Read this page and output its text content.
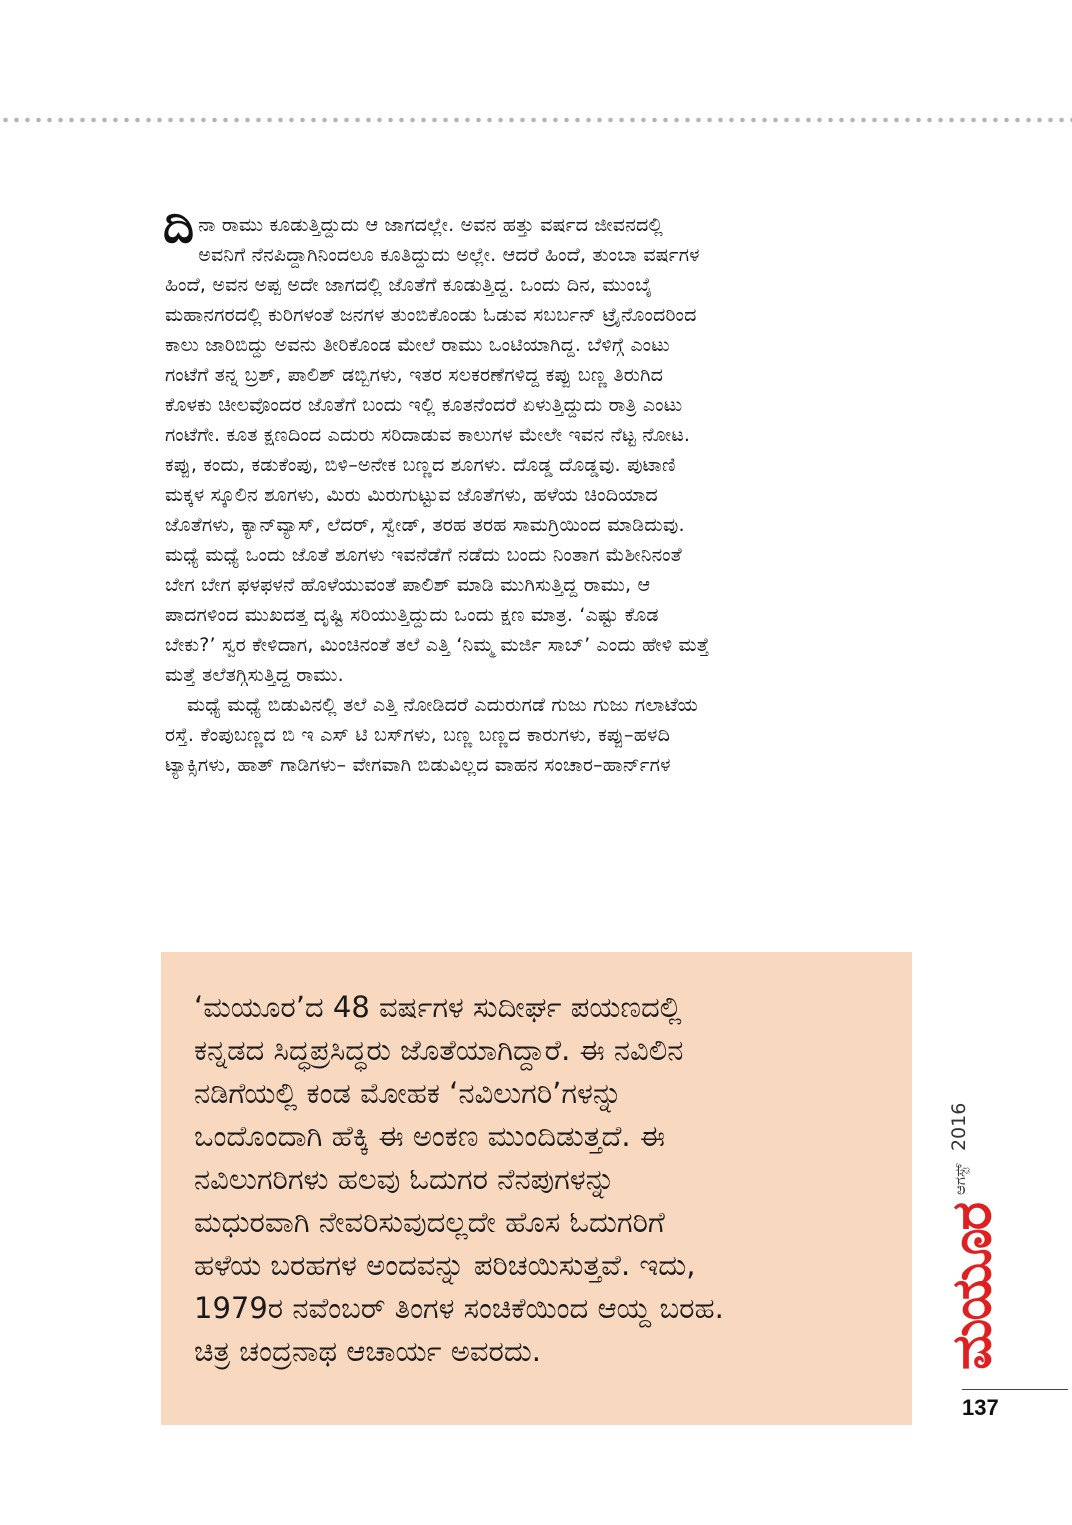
ದಿ ನಾ ರಾಮು ಕೂಡುತ್ತಿದ್ದುದು ಆ ಜಾಗದಲ್ಲೇ. ಅವನ ಹತ್ತು ವರ್ಷದ ಜೀವನದಲ್ಲಿ
ಅವನಿಗೆ ನೆನಪಿದ್ದಾಗಿನಿಂದಲೂ ಕೂತಿದ್ದುದು ಅಲ್ಲೇ. ಆದರೆ ಹಿಂದೆ, ತುಂಬಾ ವರ್ಷಗಳ
ಹಿಂದೆ, ಅವನ ಅಪ್ಪ ಅದೇ ಜಾಗದಲ್ಲಿ ಜೊತೆಗೆ ಕೂಡುತ್ತಿದ್ದ. ಒಂದು ದಿನ, ಮುಂಬೈ
ಮಹಾನಗರದಲ್ಲಿ ಕುರಿಗಳಂತೆ ಜನಗಳ ತುಂಬಿಕೊಂಡು ಓಡುವ ಸಬರ್ಬನ್ ಟ್ರೈನೊಂದರಿಂದ
ಕಾಲು ಜಾರಿಬಿದ್ದು ಅವನು ತೀರಿಕೊಂಡ ಮೇಲೆ ರಾಮು ಒಂಟಿಯಾಗಿದ್ದ. ಬೆಳಿಗ್ಗೆ ಎಂಟು
ಗಂಟೆಗೆ ತನ್ನ ಬ್ರಶ್, ಪಾಲಿಶ್ ಡಬ್ಬಿಗಳು, ಇತರ ಸಲಕರಣೆಗಳಿದ್ದ ಕಪ್ಪು ಬಣ್ಣ ತಿರುಗಿದ
ಕೊಳಕು ಚೀಲವೊಂದರ ಜೊತೆಗೆ ಬಂದು ಇಲ್ಲಿ ಕೂತನೆಂದರೆ ಏಳುತ್ತಿದ್ದುದು ರಾತ್ರಿ ಎಂಟು
ಗಂಟೆಗೇ. ಕೂತ ಕ್ಷಣದಿಂದ ಎದುರು ಸರಿದಾಡುವ ಕಾಲುಗಳ ಮೇಲೇ ಇವನ ನೆಟ್ಟ ನೋಟ.
ಕಪ್ಪು, ಕಂದು, ಕಡುಕೆಂಪು, ಬಿಳಿ–ಅನೇಕ ಬಣ್ಣದ ಶೂಗಳು. ದೊಡ್ಡ ದೊಡ್ಡವು. ಪುಟಾಣಿ
ಮಕ್ಕಳ ಸ್ಕೂಲಿನ ಶೂಗಳು, ಮಿರು ಮಿರುಗುಟ್ಟುವ ಜೊತೆಗಳು, ಹಳೆಯ ಚಿಂದಿಯಾದ
ಜೊತೆಗಳು, ಕ್ಯಾನ್‌ವ್ಯಾಸ್, ಲೆದರ್, ಸ್ವೇಡ್, ತರಹ ತರಹ ಸಾಮಗ್ರಿಯಿಂದ ಮಾಡಿದುವು.
ಮಧ್ಯೆ ಮಧ್ಯೆ ಒಂದು ಜೊತೆ ಶೂಗಳು ಇವನೆಡೆಗೆ ನಡೆದು ಬಂದು ನಿಂತಾಗ ಮೆಶೀನಿನಂತೆ
ಬೇಗ ಬೇಗ ಫಳಫಳನೆ ಹೊಳೆಯುವಂತೆ ಪಾಲಿಶ್ ಮಾಡಿ ಮುಗಿಸುತ್ತಿದ್ದ ರಾಮು, ಆ
ಪಾದಗಳಿಂದ ಮುಖದತ್ತ ದೃಷ್ಟಿ ಸರಿಯುತ್ತಿದ್ದುದು ಒಂದು ಕ್ಷಣ ಮಾತ್ರ. ‘ಎಷ್ಟು ಕೊಡ
ಬೇಕು?’ ಸ್ವರ ಕೇಳಿದಾಗ, ಮಿಂಚಿನಂತೆ ತಲೆ ಎತ್ತಿ ‘ನಿಮ್ಮ ಮರ್ಜಿ ಸಾಬ್’ ಎಂದು ಹೇಳಿ ಮತ್ತೆ
ಮತ್ತೆ ತಲೆತಗ್ಗಿಸುತ್ತಿದ್ದ ರಾಮು.
ಮಧ್ಯೆ ಮಧ್ಯೆ ಬಿಡುವಿನಲ್ಲಿ ತಲೆ ಎತ್ತಿ ನೋಡಿದರೆ ಎದುರುಗಡೆ ಗುಜು ಗುಜು ಗಲಾಟೆಯ
ರಸ್ತೆ. ಕೆಂಪುಬಣ್ಣದ ಬಿ ಇ ಎಸ್ ಟಿ ಬಸ್‌ಗಳು, ಬಣ್ಣ ಬಣ್ಣದ ಕಾರುಗಳು, ಕಪ್ಪು–ಹಳದಿ
ಟ್ಯಾಕ್ಸಿಗಳು, ಹಾತ್ ಗಾಡಿಗಳು– ವೇಗವಾಗಿ ಬಿಡುವಿಲ್ಲದ ವಾಹನ ಸಂಚಾರ–ಹಾರ್ನ್‌ಗಳ
‘ಮಯೂರ’ದ 48 ವರ್ಷಗಳ ಸುದೀರ್ಘ ಪಯಣದಲ್ಲಿ
ಕನ್ನಡದ ಸಿದ್ಧಪ್ರಸಿದ್ಧರು ಜೊತೆಯಾಗಿದ್ದಾರೆ. ಈ ನವಿಲಿನ
ನಡಿಗೆಯಲ್ಲಿ ಕಂಡ ಮೋಹಕ ‘ನವಿಲುಗರಿ’ಗಳನ್ನು
ಒಂದೊಂದಾಗಿ ಹೆಕ್ಕಿ ಈ ಅಂಕಣ ಮುಂದಿಡುತ್ತದೆ. ಈ
ನವಿಲುಗರಿಗಳು ಹಲವು ಓದುಗರ ನೆನಪುಗಳನ್ನು
ಮಧುರವಾಗಿ ನೇವರಿಸುವುದಲ್ಲದೇ ಹೊಸ ಓದುಗರಿಗೆ
ಹಳೆಯ ಬರಹಗಳ ಅಂದವನ್ನು ಪರಿಚಯಿಸುತ್ತವೆ. ಇದು,
1979ರ ನವೆಂಬರ್ ತಿಂಗಳ ಸಂಚಿಕೆಯಿಂದ ಆಯ್ದ ಬರಹ.
ಚಿತ್ರ ಚಂದ್ರನಾಥ ಆಚಾರ್ಯ ಅವರದು.
ಆಗಸ್ಟ್ 2016
ಮಯೂರ
137
